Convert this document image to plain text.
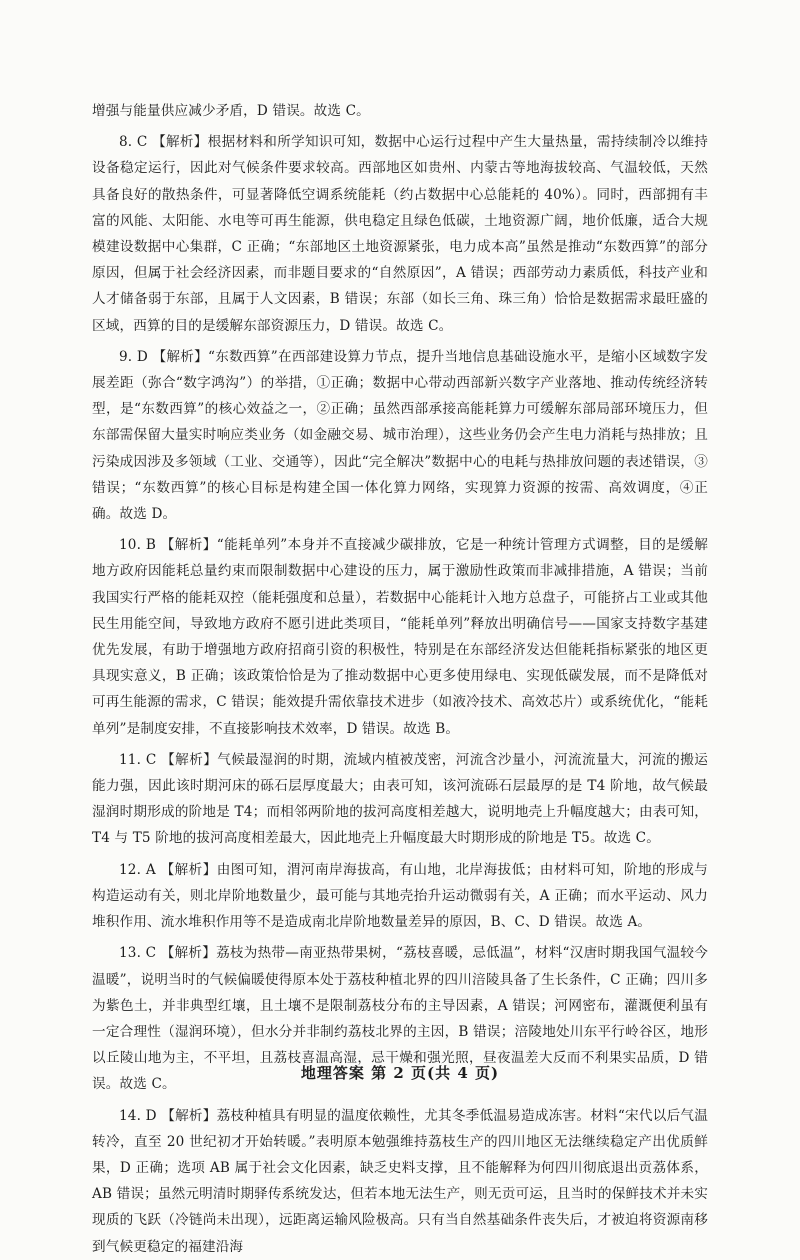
增强与能量供应减少矛盾，D 错误。故选 C。

8. C 【解析】根据材料和所学知识可知，数据中心运行过程中产生大量热量，需持续制冷以维持设备稳定运行，因此对气候条件要求较高。西部地区如贵州、内蒙古等地海拔较高、气温较低，天然具备良好的散热条件，可显著降低空调系统能耗（约占数据中心总能耗的 40%）。同时，西部拥有丰富的风能、太阳能、水电等可再生能源，供电稳定且绿色低碳，土地资源广阔，地价低廉，适合大规模建设数据中心集群，C 正确；“东部地区土地资源紧张，电力成本高”虽然是推动“东数西算”的部分原因，但属于社会经济因素，而非题目要求的“自然原因”，A 错误；西部劳动力素质低，科技产业和人才储备弱于东部，且属于人文因素，B 错误；东部（如长三角、珠三角）恰恰是数据需求最旺盛的区域，西算的目的是缓解东部资源压力，D 错误。故选 C。

9. D 【解析】“东数西算”在西部建设算力节点，提升当地信息基础设施水平，是缩小区域数字发展差距（弥合“数字鸿沟”）的举措，①正确；数据中心带动西部新兴数字产业落地、推动传统经济转型，是“东数西算”的核心效益之一，②正确；虽然西部承接高能耗算力可缓解东部局部环境压力，但东部需保留大量实时响应类业务（如金融交易、城市治理），这些业务仍会产生电力消耗与热排放；且污染成因涉及多领域（工业、交通等），因此“完全解决”数据中心的电耗与热排放问题的表述错误，③错误；“东数西算”的核心目标是构建全国一体化算力网络，实现算力资源的按需、高效调度，④正确。故选 D。

10. B 【解析】“能耗单列”本身并不直接减少碳排放，它是一种统计管理方式调整，目的是缓解地方政府因能耗总量约束而限制数据中心建设的压力，属于激励性政策而非减排措施，A 错误；当前我国实行严格的能耗双控（能耗强度和总量），若数据中心能耗计入地方总盘子，可能挤占工业或其他民生用能空间，导致地方政府不愿引进此类项目，“能耗单列”释放出明确信号——国家支持数字基建优先发展，有助于增强地方政府招商引资的积极性，特别是在东部经济发达但能耗指标紧张的地区更具现实意义，B 正确；该政策恰恰是为了推动数据中心更多使用绿电、实现低碳发展，而不是降低对可再生能源的需求，C 错误；能效提升需依靠技术进步（如液冷技术、高效芯片）或系统优化，“能耗单列”是制度安排，不直接影响技术效率，D 错误。故选 B。

11. C 【解析】气候最湿润的时期，流域内植被茂密，河流含沙量小，河流流量大，河流的搬运能力强，因此该时期河床的砾石层厚度最大；由表可知，该河流砾石层最厚的是 T4 阶地，故气候最湿润时期形成的阶地是 T4；而相邻两阶地的拔河高度相差越大，说明地壳上升幅度越大；由表可知，T4 与 T5 阶地的拔河高度相差最大，因此地壳上升幅度最大时期形成的阶地是 T5。故选 C。

12. A 【解析】由图可知，渭河南岸海拔高，有山地，北岸海拔低；由材料可知，阶地的形成与构造运动有关，则北岸阶地数量少，最可能与其地壳抬升运动微弱有关，A 正确；而水平运动、风力堆积作用、流水堆积作用等不是造成南北岸阶地数量差异的原因，B、C、D 错误。故选 A。

13. C 【解析】荔枝为热带—南亚热带果树，“荔枝喜暖，忌低温”，材料“汉唐时期我国气温较今温暖”，说明当时的气候偏暖使得原本处于荔枝种植北界的四川涪陵具备了生长条件，C 正确；四川多为紫色土，并非典型红壤，且土壤不是限制荔枝分布的主导因素，A 错误；河网密布，灌溉便利虽有一定合理性（湿润环境），但水分并非制约荔枝北界的主因，B 错误；涪陵地处川东平行岭谷区，地形以丘陵山地为主，不平坦，且荔枝喜温高湿，忌干燥和强光照，昼夜温差大反而不利果实品质，D 错误。故选 C。

14. D 【解析】荔枝种植具有明显的温度依赖性，尤其冬季低温易造成冻害。材料“宋代以后气温转冷，直至 20 世纪初才开始转暖。”表明原本勉强维持荔枝生产的四川地区无法继续稳定产出优质鲜果，D 正确；选项 AB 属于社会文化因素，缺乏史料支撑，且不能解释为何四川彻底退出贡荔体系，AB 错误；虽然元明清时期驿传系统发达，但若本地无法生产，则无贡可运，且当时的保鲜技术并未实现质的飞跃（冷链尚未出现），远距离运输风险极高。只有当自然基础条件丧失后，才被迫将资源南移到气候更稳定的福建沿海

地理答案 第 2 页(共 4 页)
